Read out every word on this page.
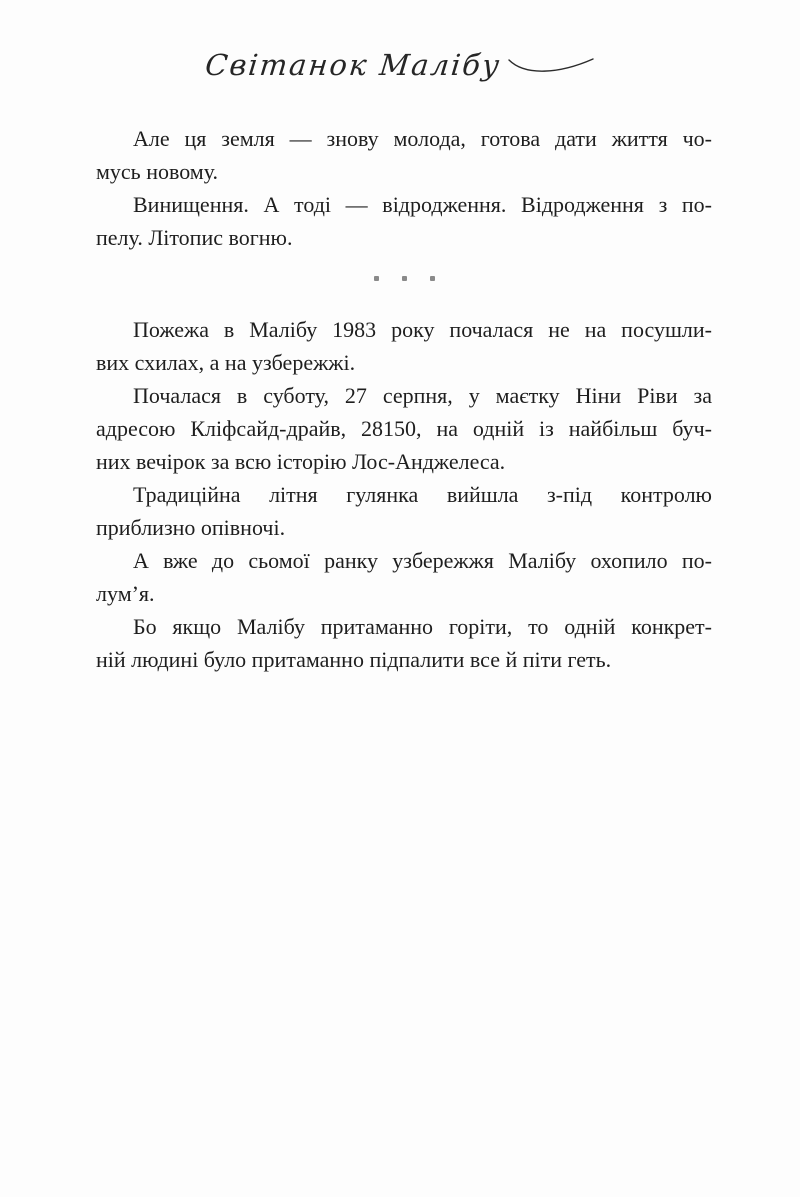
Світанок Малібу
Але ця земля — знову молода, готова дати життя чо-
мусь новому.
Винищення. А тоді — відродження. Відродження з по-
пелу. Літопис вогню.
Пожежа в Малібу 1983 року почалася не на посушли-
вих схилах, а на узбережжі.
Почалася в суботу, 27 серпня, у маєтку Ніни Ріви за
адресою Кліфсайд-драйв, 28150, на одній із найбільш буч-
них вечірок за всю історію Лос-Анджелеса.
Традиційна літня гулянка вийшла з-під контролю
приблизно опівночі.
А вже до сьомої ранку узбережжя Малібу охопило по-
лум’я.
Бо якщо Малібу притаманно горіти, то одній конкрет-
ній людині було притаманно підпалити все й піти геть.
